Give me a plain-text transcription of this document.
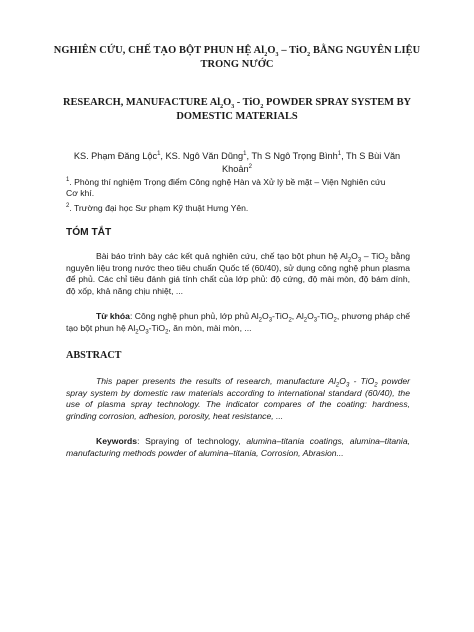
NGHIÊN CỨU, CHẾ TẠO BỘT PHUN HỆ $Al_2O_3 - TiO_2$ BẰNG NGUYÊN LIỆU
TRONG NƯỚC
RESEARCH, MANUFACTURE $Al_2O_3 - TiO_2$ POWDER SPRAY SYSTEM BY
DOMESTIC MATERIALS
KS. Phạm Đăng Lộc$^1$, KS. Ngô Văn Dũng$^1$, Th S Ngô Trọng Bình$^1$, Th S Bùi Văn
Khoản$^2$
$^1$. Phòng thí nghiệm Trọng điểm Công nghệ Hàn và Xử lý bề mặt – Viện Nghiên cứu Cơ khí.
$^2$. Trường đại học Sư phạm Kỹ thuật Hưng Yên.
TÓM TẮT

Bài báo trình bày các kết quả nghiên cứu, chế tạo bột phun hệ $Al_2O_3 - TiO_2$ bằng nguyên liệu trong nước theo tiêu chuẩn Quốc tế (60/40), sử dụng công nghệ phun plasma để phủ. Các chỉ tiêu đánh giá tính chất của lớp phủ: độ cứng, độ mài mòn, độ bám dính, độ xốp, khả năng chịu nhiệt, ...

Từ khóa: Công nghệ phun phủ, lớp phủ $Al_2O_3-TiO_2$, $Al_2O_3-TiO_2$, phương pháp chế tạo bột phun hệ $Al_2O_3-TiO_2$, ăn mòn, mài mòn, ...

ABSTRACT

This paper presents the results of research, manufacture $Al_2O_3 - TiO_2$ powder spray system by domestic raw materials according to international standard (60/40), the use of plasma spray technology. The indicator compares of the coating: hardness, grinding corrosion, adhesion, porosity, heat resistance, ...

Keywords: Spraying of technology, alumina–titania coatings, alumina–titania, manufacturing methods powder of alumina–titania, Corrosion, Abrasion...
